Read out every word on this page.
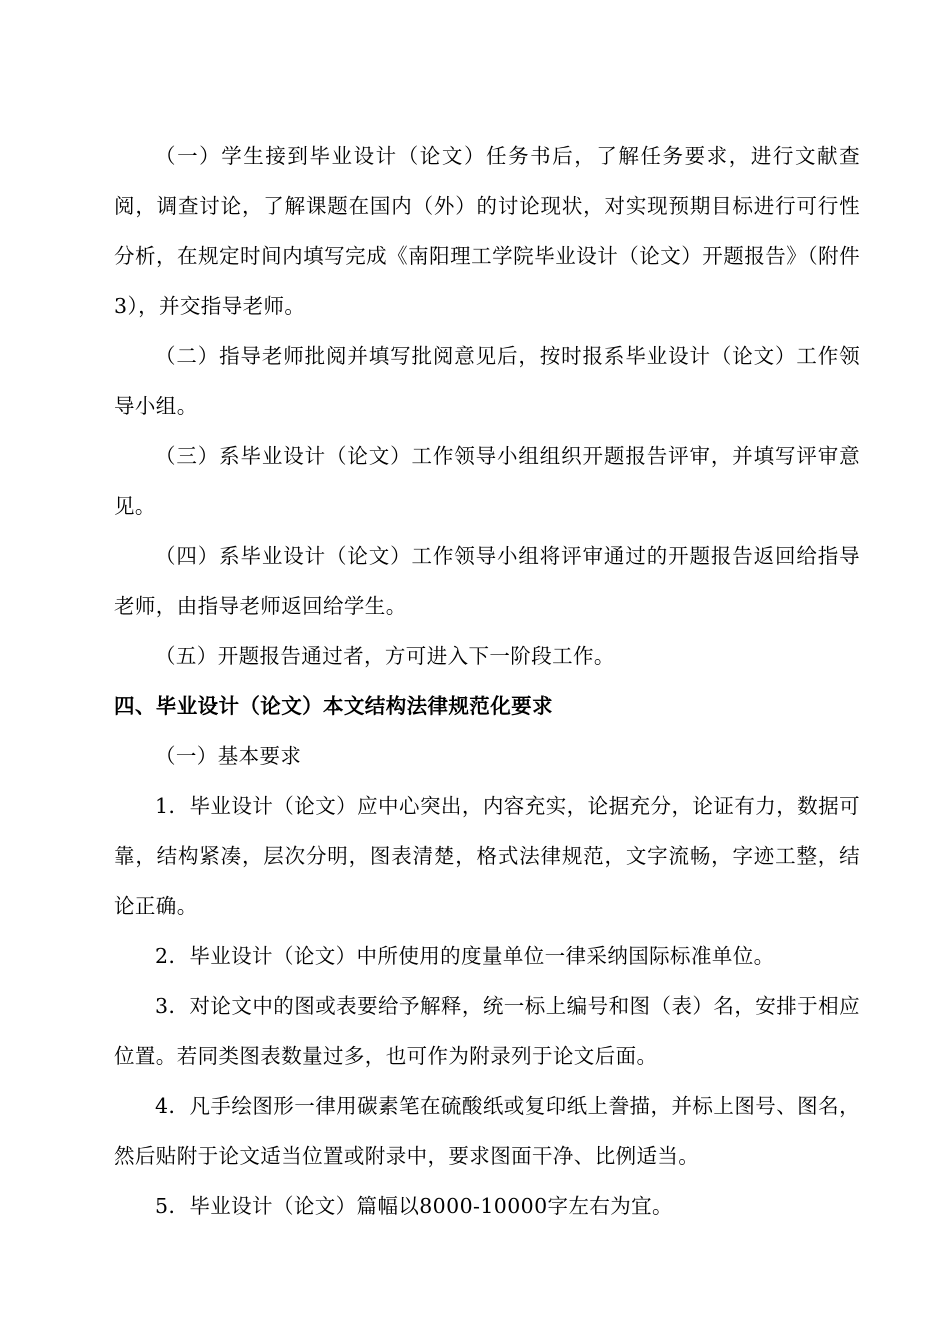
（一）学生接到毕业设计（论文）任务书后，了解任务要求，进行文献查阅，调查讨论，了解课题在国内（外）的讨论现状，对实现预期目标进行可行性分析，在规定时间内填写完成《南阳理工学院毕业设计（论文）开题报告》（附件3），并交指导老师。

（二）指导老师批阅并填写批阅意见后，按时报系毕业设计（论文）工作领导小组。

（三）系毕业设计（论文）工作领导小组组织开题报告评审，并填写评审意见。

（四）系毕业设计（论文）工作领导小组将评审通过的开题报告返回给指导老师，由指导老师返回给学生。

（五）开题报告通过者，方可进入下一阶段工作。

四、毕业设计（论文）本文结构法律规范化要求

（一）基本要求

1．毕业设计（论文）应中心突出，内容充实，论据充分，论证有力，数据可靠，结构紧凑，层次分明，图表清楚，格式法律规范，文字流畅，字迹工整，结论正确。

2．毕业设计（论文）中所使用的度量单位一律采纳国际标准单位。

3．对论文中的图或表要给予解释，统一标上编号和图（表）名，安排于相应位置。若同类图表数量过多，也可作为附录列于论文后面。

4．凡手绘图形一律用碳素笔在硫酸纸或复印纸上誊描，并标上图号、图名，然后贴附于论文适当位置或附录中，要求图面干净、比例适当。

5．毕业设计（论文）篇幅以8000-10000字左右为宜。
